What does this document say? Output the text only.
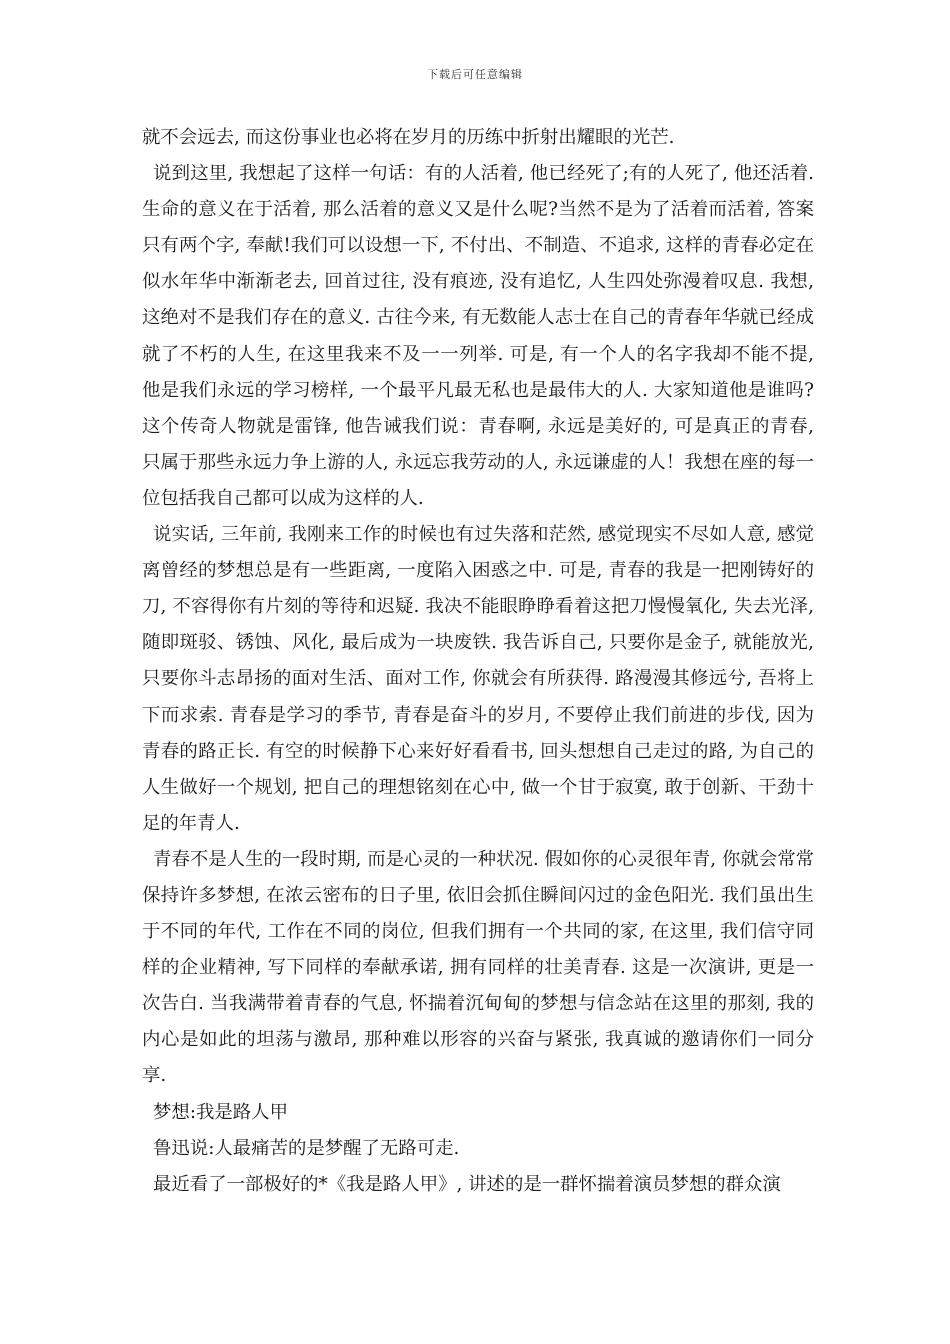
下载后可任意编辑

就不会远去, 而这份事业也必将在岁月的历练中折射出耀眼的光芒.

说到这里, 我想起了这样一句话：有的人活着, 他已经死了;有的人死了, 他还活着. 生命的意义在于活着, 那么活着的意义又是什么呢?当然不是为了活着而活着, 答案只有两个字, 奉献!我们可以设想一下, 不付出、不制造、不追求, 这样的青春必定在似水年华中渐渐老去, 回首过往, 没有痕迹, 没有追忆, 人生四处弥漫着叹息. 我想, 这绝对不是我们存在的意义. 古往今来, 有无数能人志士在自己的青春年华就已经成就了不朽的人生, 在这里我来不及一一列举. 可是, 有一个人的名字我却不能不提, 他是我们永远的学习榜样, 一个最平凡最无私也是最伟大的人. 大家知道他是谁吗?这个传奇人物就是雷锋, 他告诫我们说：青春啊, 永远是美好的, 可是真正的青春, 只属于那些永远力争上游的人, 永远忘我劳动的人, 永远谦虚的人！我想在座的每一位包括我自己都可以成为这样的人.

说实话, 三年前, 我刚来工作的时候也有过失落和茫然, 感觉现实不尽如人意, 感觉离曾经的梦想总是有一些距离, 一度陷入困惑之中. 可是, 青春的我是一把刚铸好的刀, 不容得你有片刻的等待和迟疑. 我决不能眼睁睁看着这把刀慢慢氧化, 失去光泽, 随即斑驳、锈蚀、风化, 最后成为一块废铁. 我告诉自己, 只要你是金子, 就能放光, 只要你斗志昂扬的面对生活、面对工作, 你就会有所获得. 路漫漫其修远兮, 吾将上下而求索. 青春是学习的季节, 青春是奋斗的岁月, 不要停止我们前进的步伐, 因为青春的路正长. 有空的时候静下心来好好看看书, 回头想想自己走过的路, 为自己的人生做好一个规划, 把自己的理想铭刻在心中, 做一个甘于寂寞, 敢于创新、干劲十足的年青人.

青春不是人生的一段时期, 而是心灵的一种状况. 假如你的心灵很年青, 你就会常常保持许多梦想, 在浓云密布的日子里, 依旧会抓住瞬间闪过的金色阳光. 我们虽出生于不同的年代, 工作在不同的岗位, 但我们拥有一个共同的家, 在这里, 我们信守同样的企业精神, 写下同样的奉献承诺, 拥有同样的壮美青春. 这是一次演讲, 更是一次告白. 当我满带着青春的气息, 怀揣着沉甸甸的梦想与信念站在这里的那刻, 我的内心是如此的坦荡与激昂, 那种难以形容的兴奋与紧张, 我真诚的邀请你们一同分享.

梦想:我是路人甲

鲁迅说:人最痛苦的是梦醒了无路可走.

最近看了一部极好的*《我是路人甲》, 讲述的是一群怀揣着演员梦想的群众演
